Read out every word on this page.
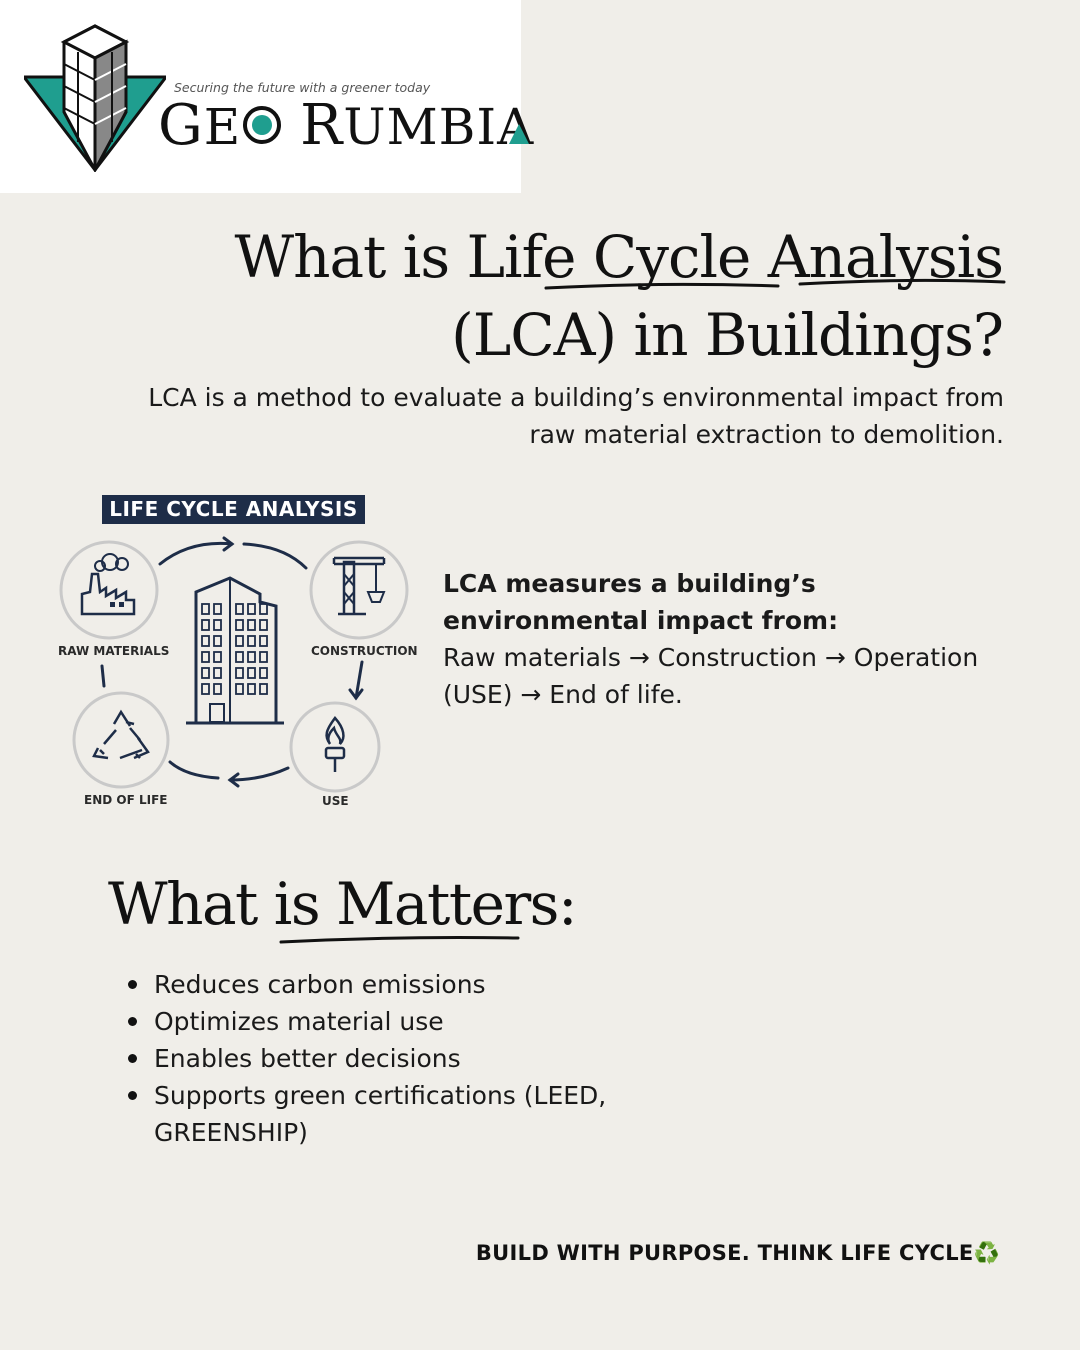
Securing the future with a greener today
GE RUMBIA
What is Life Cycle Analysis
(LCA) in Buildings?
LCA is a method to evaluate a building’s environmental impact from raw material extraction to demolition.
LIFE CYCLE ANALYSIS
RAW MATERIALS	CONSTRUCTION
USE
END OF LIFE
LCA measures a building’s environmental impact from:
Raw materials → Construction → Operation (USE) → End of life.
What is Matters:
Reduces carbon emissions
Optimizes material use
Enables better decisions
Supports green certifications (LEED, GREENSHIP)
BUILD WITH PURPOSE. THINK LIFE CYCLE♻️
